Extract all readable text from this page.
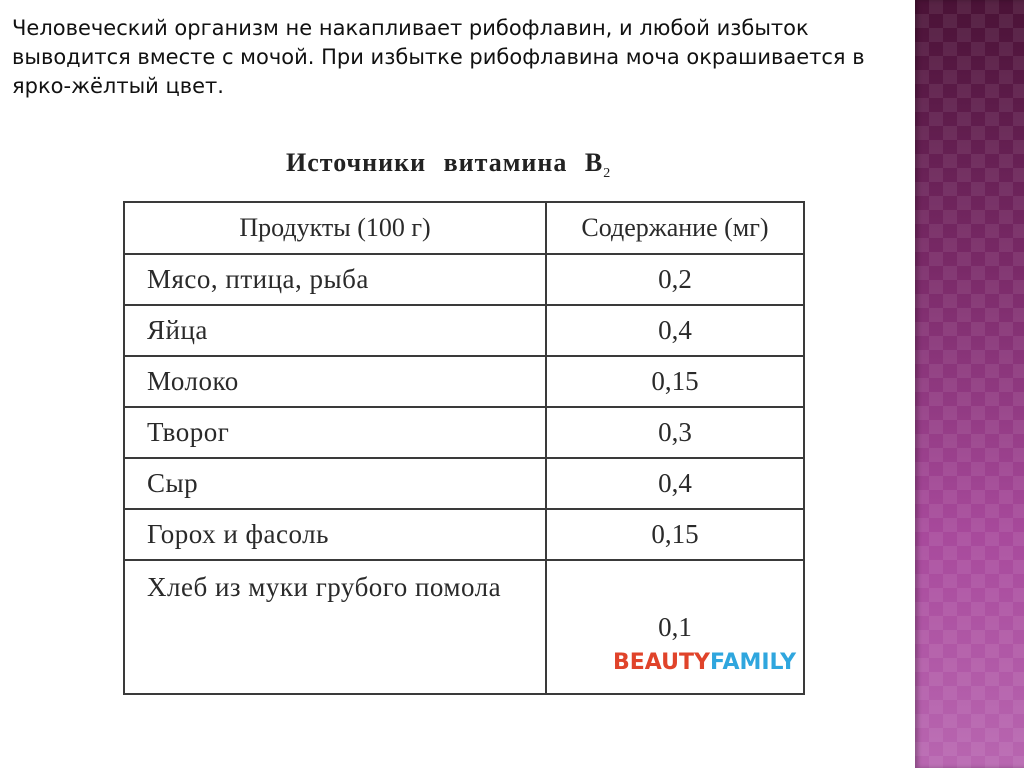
Человеческий организм не накапливает рибофлавин, и любой избыток выводится вместе с мочой. При избытке рибофлавина моча окрашивается в ярко-жёлтый цвет.

Источники витамина $B_2$
Продукты (100 г)	Содержание (мг)
Мясо, птица, рыба	0,2
Яйца	0,4
Молоко	0,15
Творог	0,3
Сыр	0,4
Горох и фасоль	0,15
Хлеб из муки грубого помола	0,1
BEAUTYFAMILY
